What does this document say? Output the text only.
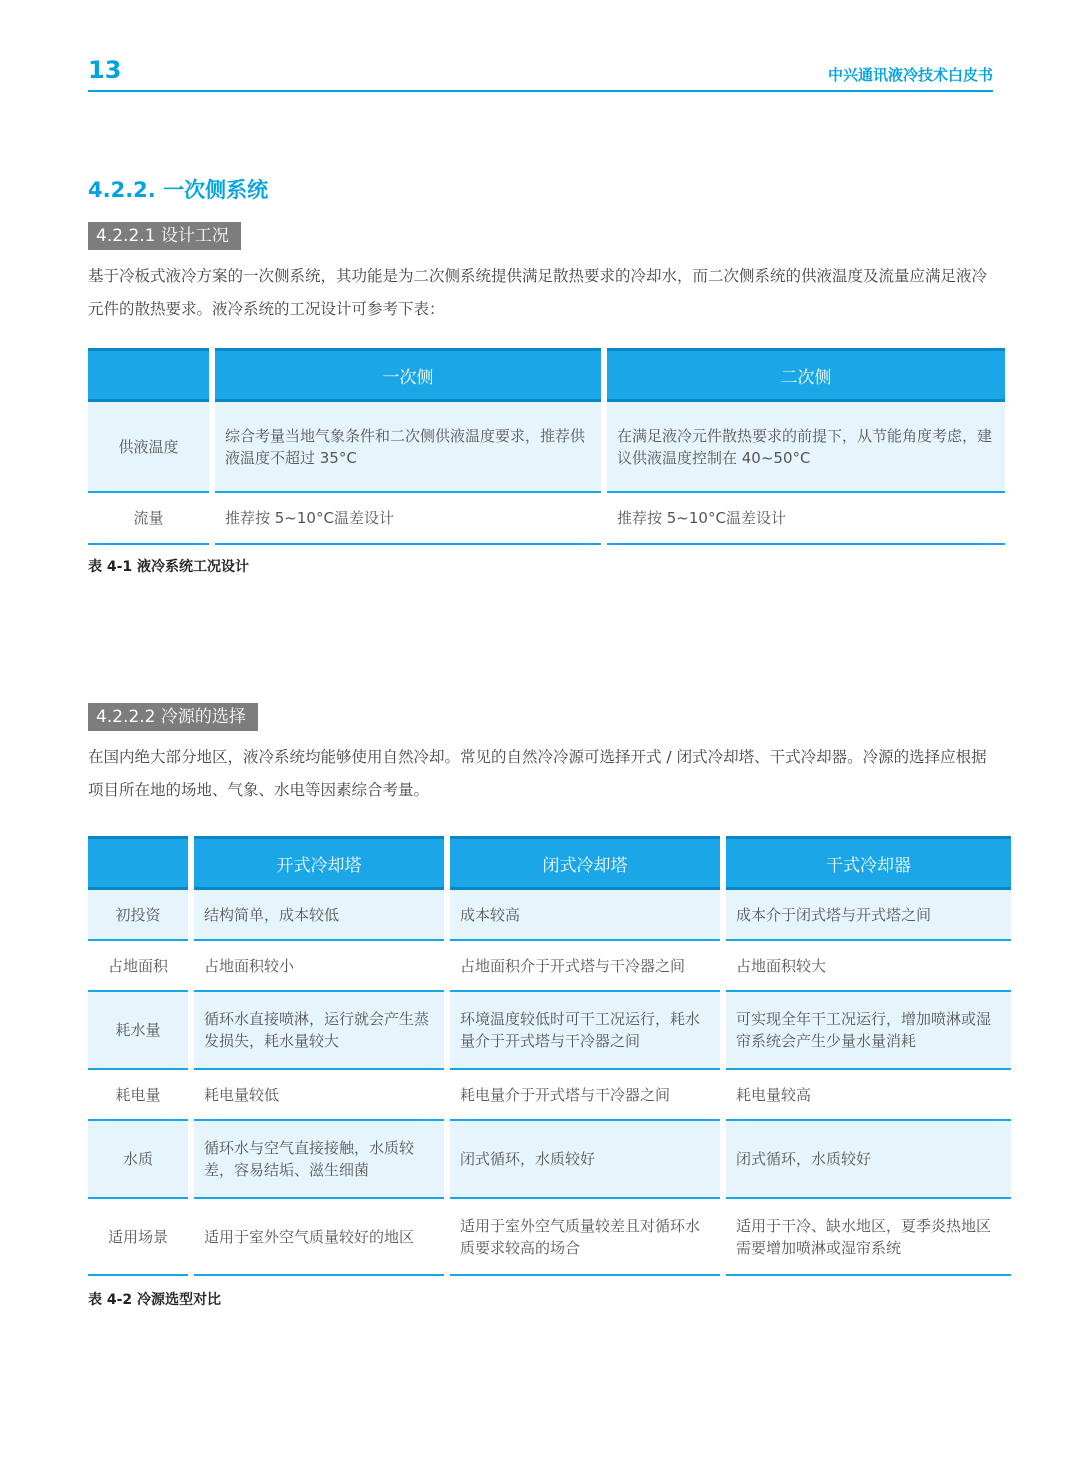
13	中兴通讯液冷技术白皮书
4.2.2. 一次侧系统
4.2.2.1 设计工况
基于冷板式液冷方案的一次侧系统，其功能是为二次侧系统提供满足散热要求的冷却水，而二次侧系统的供液温度及流量应满足液冷元件的散热要求。液冷系统的工况设计可参考下表：
	一次侧	二次侧
供液温度	综合考量当地气象条件和二次侧供液温度要求，推荐供液温度不超过 35°C	在满足液冷元件散热要求的前提下，从节能角度考虑，建议供液温度控制在 40~50°C
流量	推荐按 5~10°C温差设计	推荐按 5~10°C温差设计
表 4-1 液冷系统工况设计
4.2.2.2 冷源的选择
在国内绝大部分地区，液冷系统均能够使用自然冷却。常见的自然冷冷源可选择开式 / 闭式冷却塔、干式冷却器。冷源的选择应根据项目所在地的场地、气象、水电等因素综合考量。
	开式冷却塔	闭式冷却塔	干式冷却器
初投资	结构简单，成本较低	成本较高	成本介于闭式塔与开式塔之间
占地面积	占地面积较小	占地面积介于开式塔与干冷器之间	占地面积较大
耗水量	循环水直接喷淋，运行就会产生蒸发损失，耗水量较大	环境温度较低时可干工况运行，耗水量介于开式塔与干冷器之间	可实现全年干工况运行，增加喷淋或湿帘系统会产生少量水量消耗
耗电量	耗电量较低	耗电量介于开式塔与干冷器之间	耗电量较高
水质	循环水与空气直接接触，水质较差，容易结垢、滋生细菌	闭式循环，水质较好	闭式循环，水质较好
适用场景	适用于室外空气质量较好的地区	适用于室外空气质量较差且对循环水质要求较高的场合	适用于干冷、缺水地区，夏季炎热地区需要增加喷淋或湿帘系统
表 4-2 冷源选型对比
